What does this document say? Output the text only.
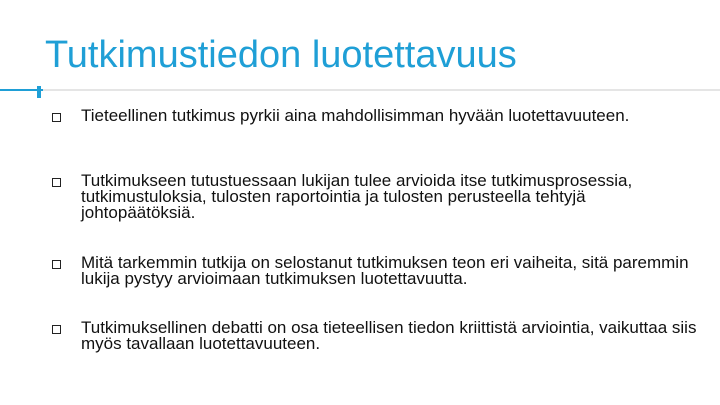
Tutkimustiedon luotettavuus
Tieteellinen tutkimus pyrkii aina mahdollisimman hyvään luotettavuuteen.
Tutkimukseen tutustuessaan lukijan tulee arvioida itse tutkimusprosessia, tutkimustuloksia, tulosten raportointia ja tulosten perusteella tehtyjä johtopäätöksiä.
Mitä tarkemmin tutkija on selostanut tutkimuksen teon eri vaiheita, sitä paremmin lukija pystyy arvioimaan tutkimuksen luotettavuutta.
Tutkimuksellinen debatti on osa tieteellisen tiedon kriittistä arviointia, vaikuttaa siis myös tavallaan luotettavuuteen.
